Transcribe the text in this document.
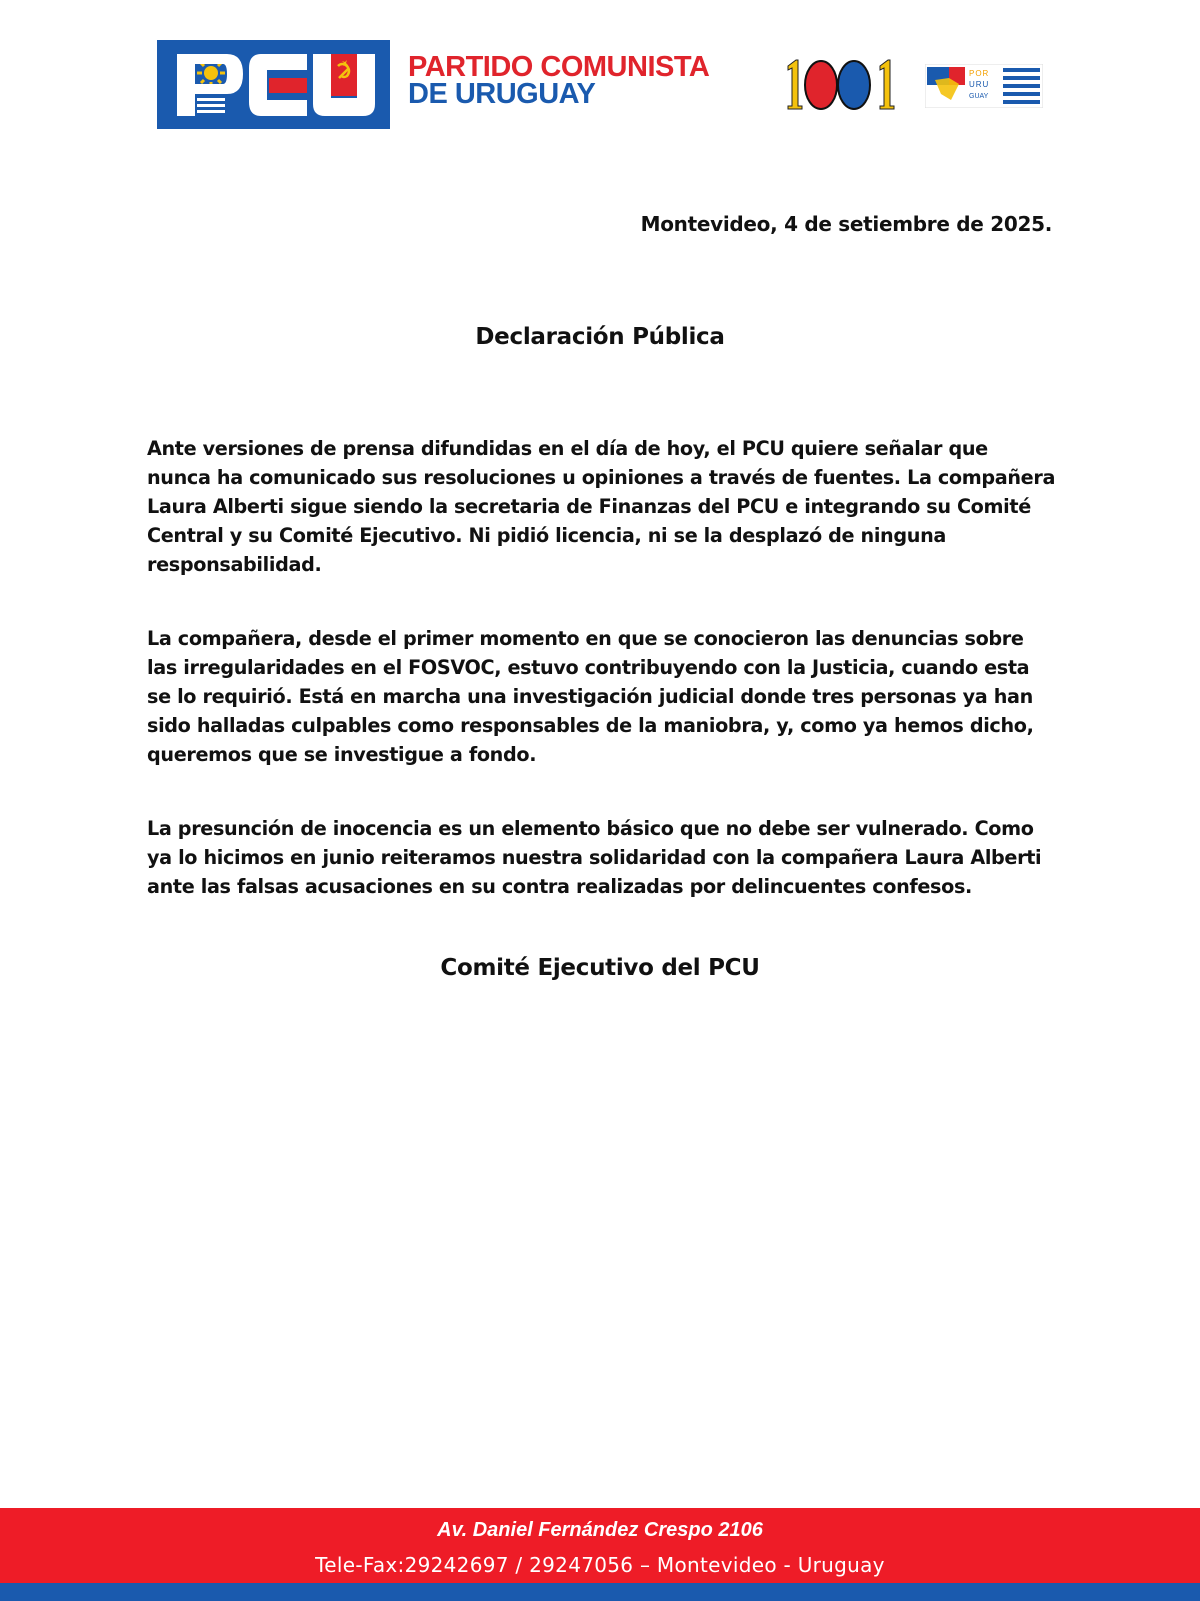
PARTIDO COMUNISTA
DE URUGUAY
POR
URU
GUAY
Montevideo, 4 de setiembre de 2025.
Declaración Pública

Ante versiones de prensa difundidas en el día de hoy, el PCU quiere señalar que nunca ha comunicado sus resoluciones u opiniones a través de fuentes. La compañera Laura Alberti sigue siendo la secretaria de Finanzas del PCU e integrando su Comité Central y su Comité Ejecutivo. Ni pidió licencia, ni se la desplazó de ninguna responsabilidad.

La compañera, desde el primer momento en que se conocieron las denuncias sobre las irregularidades en el FOSVOC, estuvo contribuyendo con la Justicia, cuando esta se lo requirió. Está en marcha una investigación judicial donde tres personas ya han sido halladas culpables como responsables de la maniobra, y, como ya hemos dicho, queremos que se investigue a fondo.

La presunción de inocencia es un elemento básico que no debe ser vulnerado. Como ya lo hicimos en junio reiteramos nuestra solidaridad con la compañera Laura Alberti ante las falsas acusaciones en su contra realizadas por delincuentes confesos.

Comité Ejecutivo del PCU
Av. Daniel Fernández Crespo 2106
Tele-Fax:29242697 / 29247056 – Montevideo - Uruguay
